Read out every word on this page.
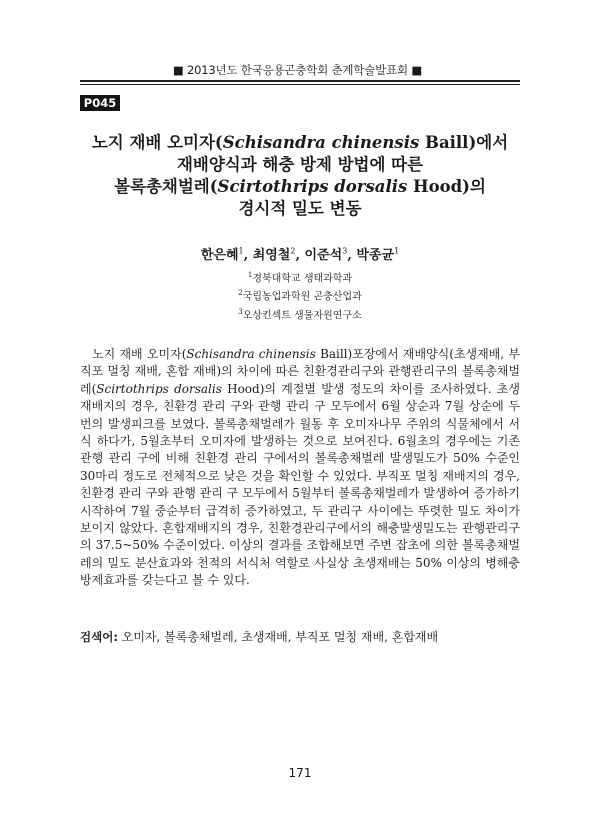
■ 2013년도 한국응용곤충학회 춘계학술발표회 ■
P045
노지 재배 오미자(Schisandra chinensis Baill)에서
재배양식과 해충 방제 방법에 따른
볼록총채벌레(Scirtothrips dorsalis Hood)의
경시적 밀도 변동
한은혜$^1$, 최영철$^2$, 이준석$^3$, 박종균$^1$
$^1$경북대학교 생태과학과
$^2$국립농업과학원 곤충산업과
$^3$오상킨섹트 생물자원연구소
노지 재배 오미자(Schisandra chinensis Baill)포장에서 재배양식(초생재배, 부직포 멀칭 재배, 혼합 재배)의 차이에 따른 친환경관리구와 관행관리구의 볼록총채벌레(Scirtothrips dorsalis Hood)의 계절별 발생 정도의 차이를 조사하였다. 초생재배지의 경우, 친환경 관리 구와 관행 관리 구 모두에서 6월 상순과 7월 상순에 두 번의 발생피크를 보였다. 볼록총채벌레가 월동 후 오미자나무 주위의 식물체에서 서식 하다가, 5월초부터 오미자에 발생하는 것으로 보여진다. 6월초의 경우에는 기존 관행 관리 구에 비해 친환경 관리 구에서의 볼록총채벌레 발생밀도가 50% 수준인 30마리 정도로 전체적으로 낮은 것을 확인할 수 있었다. 부직포 멀칭 재배지의 경우, 친환경 관리 구와 관행 관리 구 모두에서 5월부터 볼록총채벌레가 발생하여 증가하기 시작하여 7월 중순부터 급격히 증가하였고, 두 관리구 사이에는 뚜렷한 밀도 차이가 보이지 않았다. 혼합재배지의 경우, 친환경관리구에서의 해충발생밀도는 관행관리구의 37.5~50% 수준이었다. 이상의 결과를 조합해보면 주변 잡초에 의한 볼록총채벌레의 밀도 분산효과와 천적의 서식처 역할로 사실상 초생재배는 50% 이상의 병해충 방제효과를 갖는다고 볼 수 있다.
검색어: 오미자, 볼록총채벌레, 초생재배, 부직포 멀칭 재배, 혼합재배
171
